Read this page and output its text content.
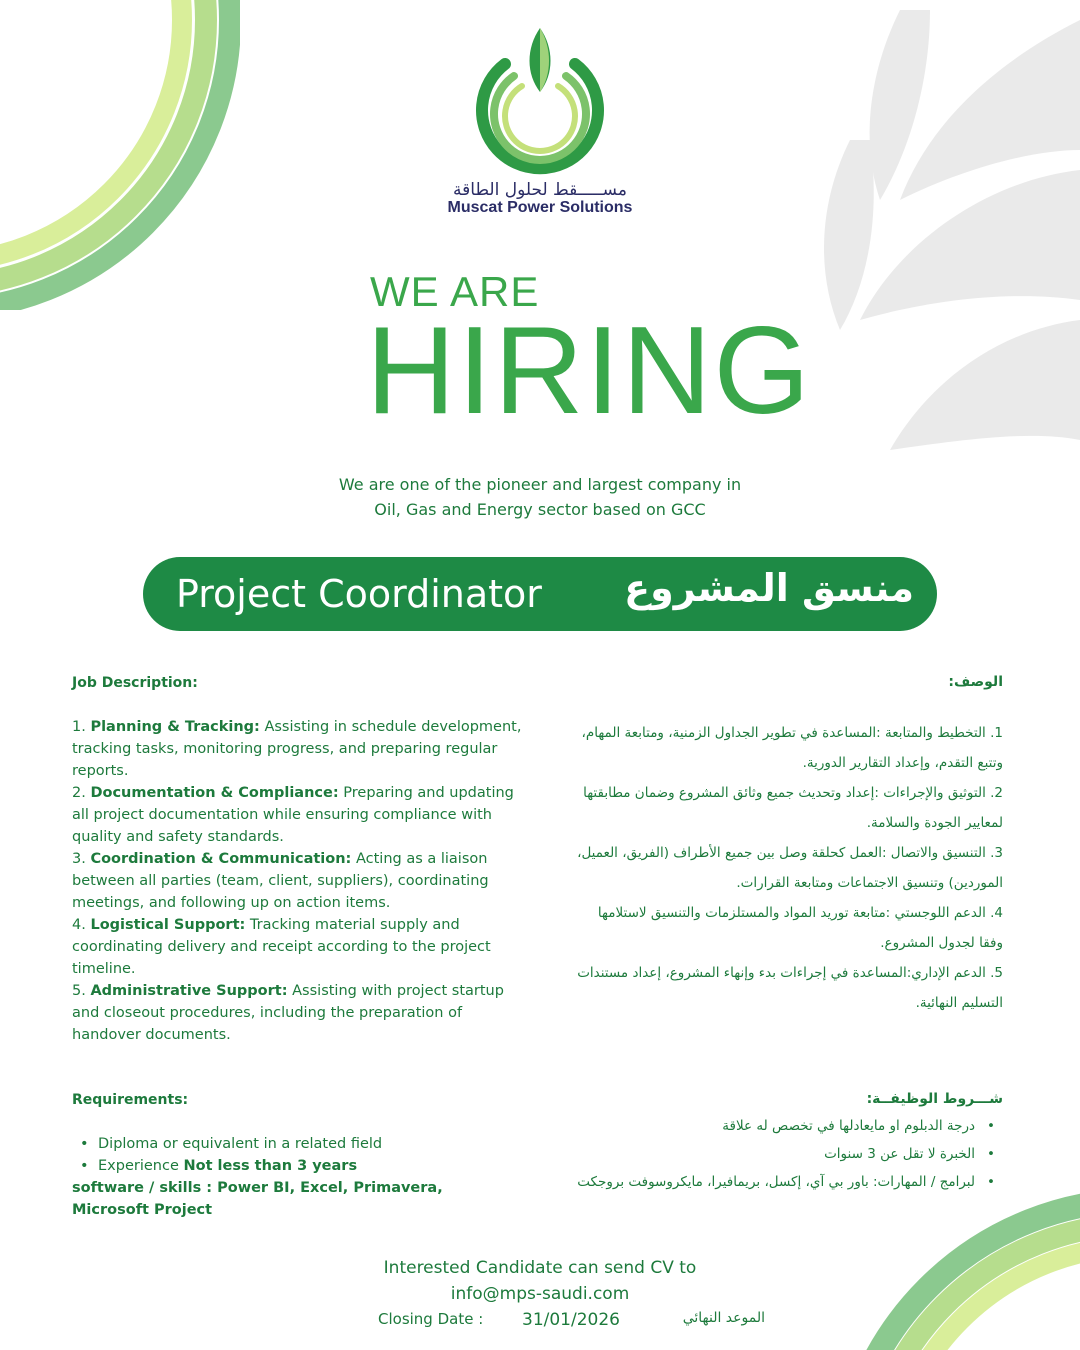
مســـــقط لحلول الطاقة
Muscat Power Solutions
WE ARE
HIRING
We are one of the pioneer and largest company in
Oil, Gas and Energy sector based on GCC
Project Coordinator	منسق المشروع
Job Description:
1. Planning & Tracking: Assisting in schedule development, tracking tasks, monitoring progress, and preparing regular reports.
2. Documentation & Compliance: Preparing and updating all project documentation while ensuring compliance with quality and safety standards.
3. Coordination & Communication: Acting as a liaison between all parties (team, client, suppliers), coordinating meetings, and following up on action items.
4. Logistical Support: Tracking material supply and coordinating delivery and receipt according to the project timeline.
5. Administrative Support: Assisting with project startup and closeout procedures, including the preparation of handover documents.
الوصف:
1. التخطيط والمتابعة :المساعدة في تطوير الجداول الزمنية، ومتابعة المهام، وتتبع التقدم، وإعداد التقارير الدورية.
2. التوثيق والإجراءات :إعداد وتحديث جميع وثائق المشروع وضمان مطابقتها لمعايير الجودة والسلامة.
3. التنسيق والاتصال :العمل كحلقة وصل بين جميع الأطراف (الفريق، العميل، الموردين) وتنسيق الاجتماعات ومتابعة القرارات.
4. الدعم اللوجستي :متابعة توريد المواد والمستلزمات والتنسيق لاستلامها وفقا لجدول المشروع.
5. الدعم الإداري:المساعدة في إجراءات بدء وإنهاء المشروع، إعداد مستندات التسليم النهائية.
Requirements:
• Diploma or equivalent in a related field
• Experience Not less than 3 years
software / skills : Power BI, Excel, Primavera, Microsoft Project
شـــروط الوظيفــة:
• درجة الدبلوم او مايعادلها في تخصص له علاقة
• الخبرة لا تقل عن 3 سنوات
• لبرامج / المهارات: باور بي آي، إكسل، بريمافيرا، مايكروسوفت بروجكت
Interested Candidate can send CV to
info@mps-saudi.com
Closing Date : 31/01/2026	الموعد النهائي
